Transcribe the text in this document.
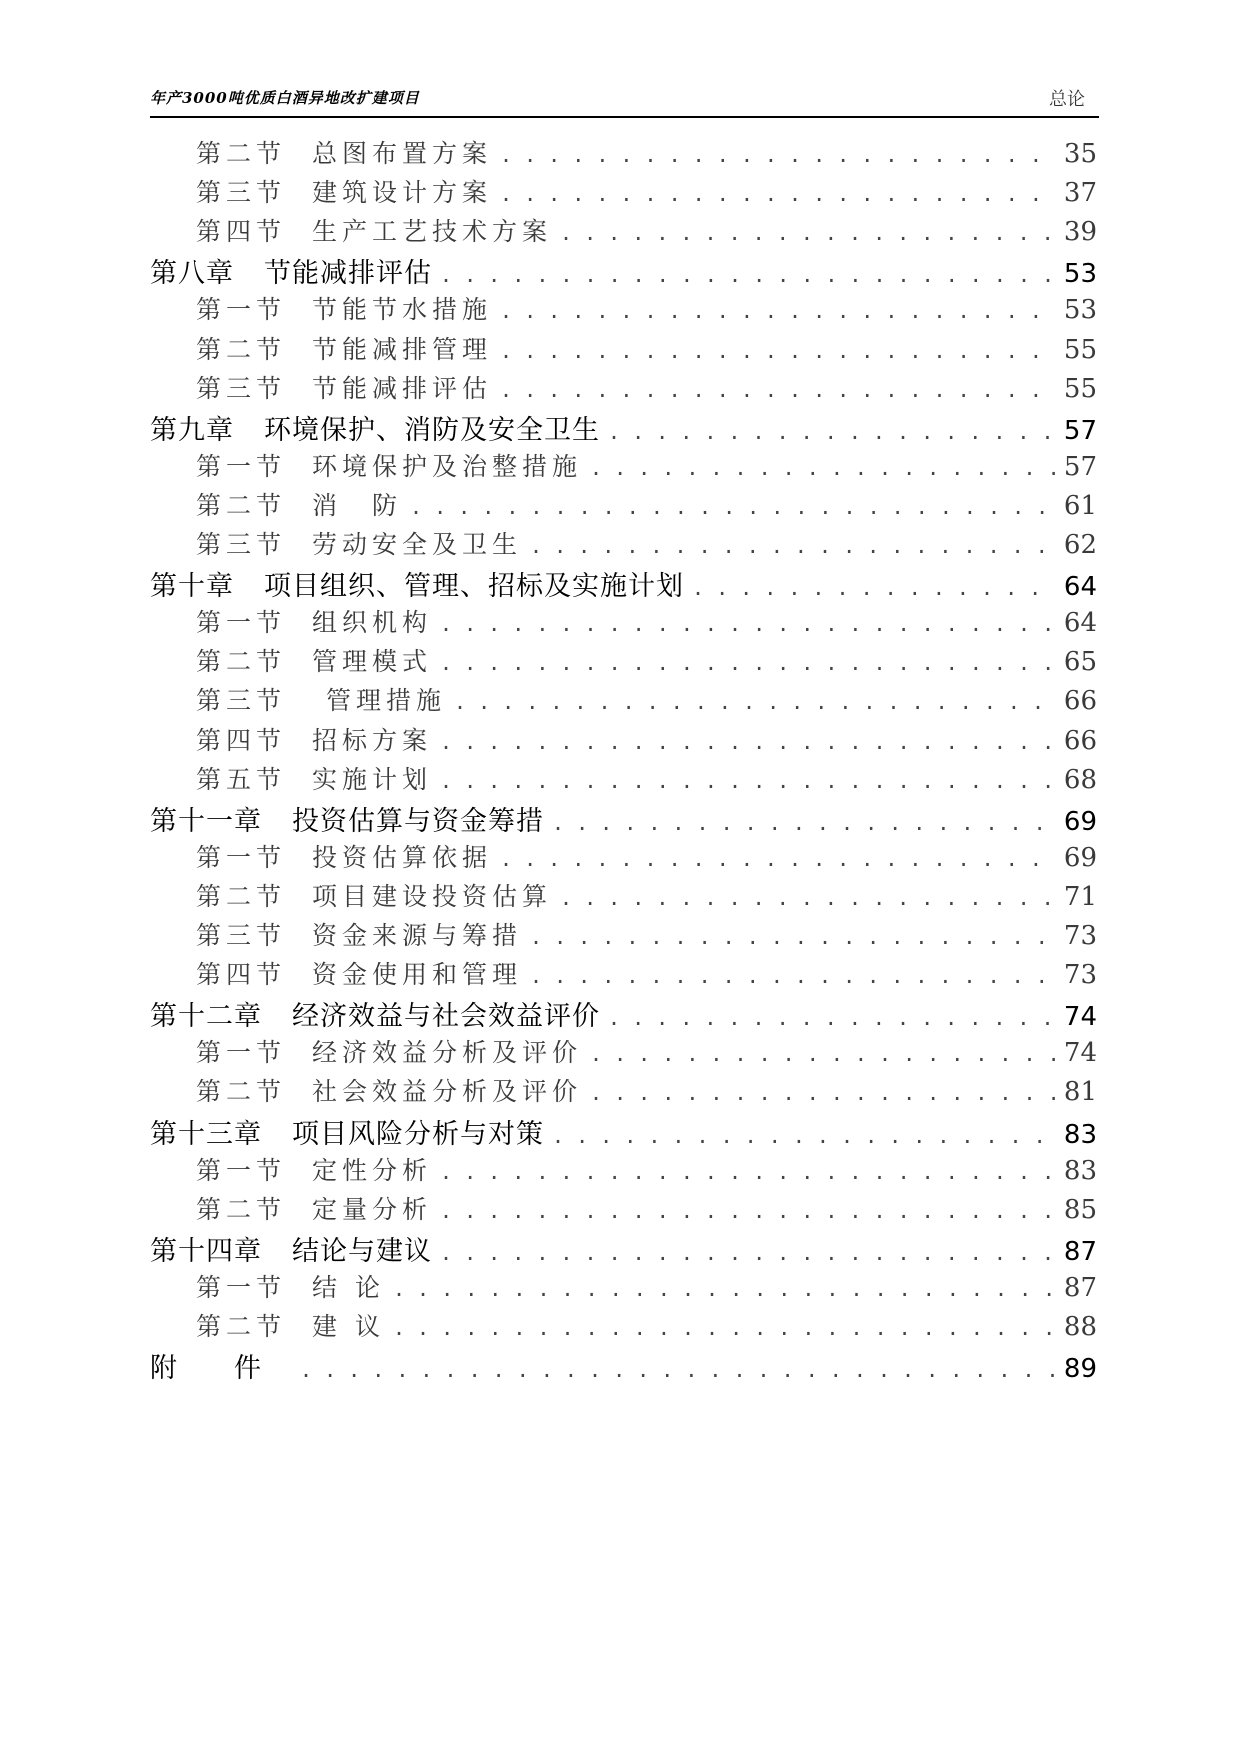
年产3000吨优质白酒异地改扩建项目	总论
第二节	总图布置方案 . . .	35
第三节	建筑设计方案 . . .	37
第四节	生产工艺技术方案 . . .	39
第八章	节能减排评估 . . .	53
第一节	节能节水措施 . . .	53
第二节	节能减排管理 . . .	55
第三节	节能减排评估 . . .	55
第九章	环境保护、消防及安全卫生 . . .	57
第一节	环境保护及治整措施 . . .	57
第二节	消　防 . . .	61
第三节	劳动安全及卫生 . . .	62
第十章	项目组织、管理、招标及实施计划 . . .	64
第一节	组织机构 . . .	64
第二节	管理模式 . . .	65
第三节	管理措施 . . .	66
第四节	招标方案 . . .	66
第五节	实施计划 . . .	68
第十一章	投资估算与资金筹措 . . .	69
第一节	投资估算依据 . . .	69
第二节	项目建设投资估算 . . .	71
第三节	资金来源与筹措 . . .	73
第四节	资金使用和管理 . . .	73
第十二章	经济效益与社会效益评价 . . .	74
第一节	经济效益分析及评价 . . .	74
第二节	社会效益分析及评价 . . .	81
第十三章	项目风险分析与对策 . . .	83
第一节	定性分析 . . .	83
第二节	定量分析 . . .	85
第十四章	结论与建议 . . .	87
第一节	结 论 . . .	87
第二节	建 议 . . .	88
附　　件 . . .	89
